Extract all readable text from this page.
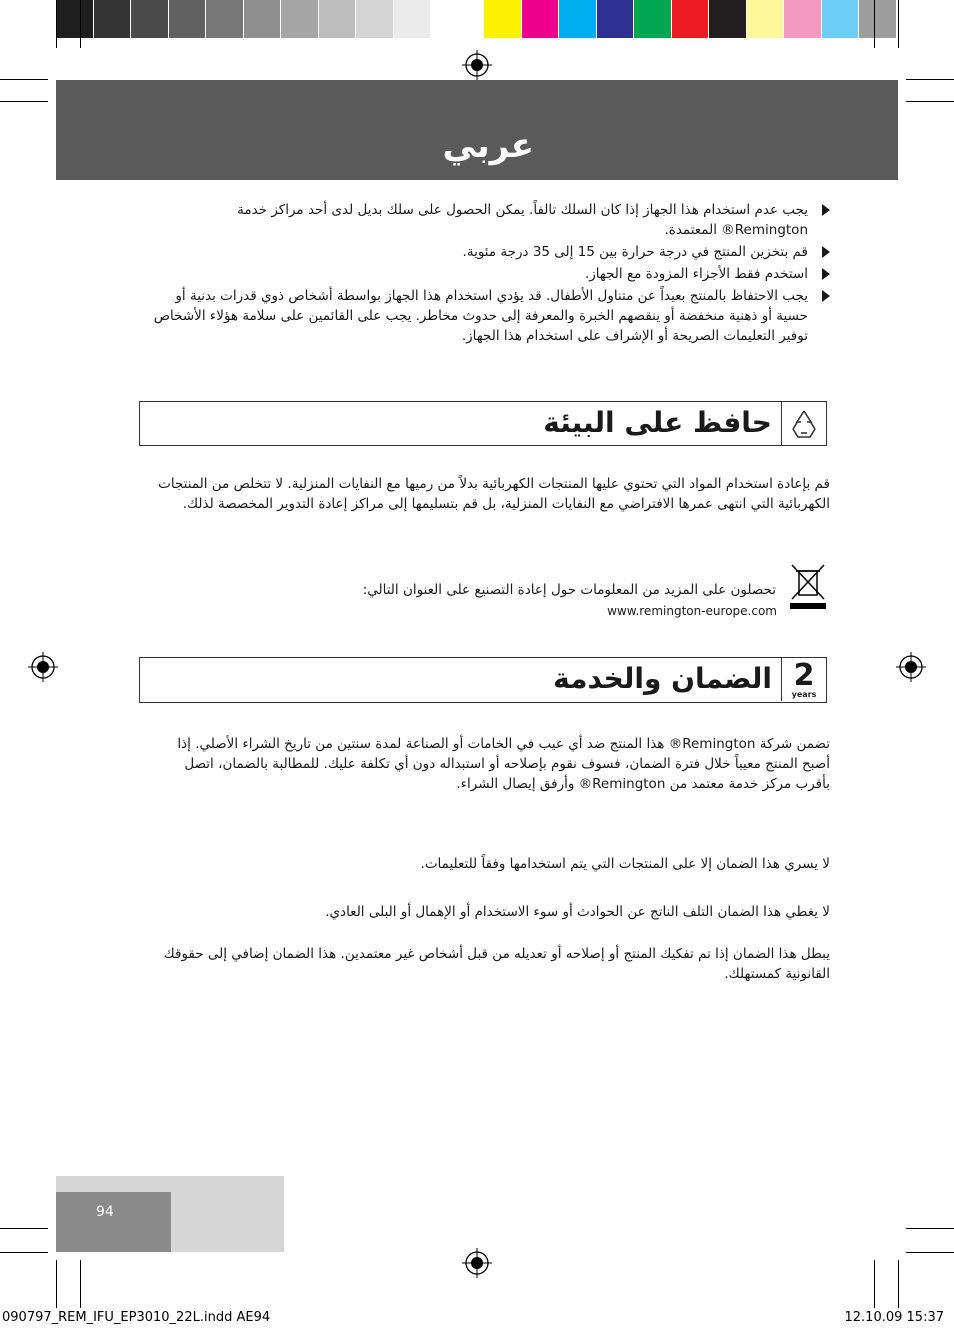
عربي
يجب عدم استخدام هذا الجهاز إذا كان السلك تالفاً. يمكن الحصول على سلك بديل لدى أحد مراكز خدمة Remington® المعتمدة.
قم بتخزين المنتج في درجة حرارة بين 15 إلى 35 درجة مئوية.
استخدم فقط الأجزاء المزودة مع الجهاز.
يجب الاحتفاظ بالمنتج بعيداً عن متناول الأطفال. قد يؤدي استخدام هذا الجهاز بواسطة أشخاص ذوي قدرات بدنية أو حسية أو ذهنية منخفضة أو ينقصهم الخبرة والمعرفة إلى حدوث مخاطر. يجب على القائمين على سلامة هؤلاء الأشخاص توفير التعليمات الصريحة أو الإشراف على استخدام هذا الجهاز.
حافظ على البيئة
قم بإعادة استخدام المواد التي تحتوي عليها المنتجات الكهربائية بدلاً من رميها مع النفايات المنزلية. لا تتخلص من المنتجات الكهربائية التي انتهى عمرها الافتراضي مع النفايات المنزلية، بل قم بتسليمها إلى مراكز إعادة التدوير المخصصة لذلك.
تحصلون على المزيد من المعلومات حول إعادة التصنيع على العنوان التالي:
www.remington-europe.com
الضمان والخدمة 2
years
تضمن شركة Remington® هذا المنتج ضد أي عيب في الخامات أو الصناعة لمدة سنتين من تاريخ الشراء الأصلي. إذا أصبح المنتج معيباً خلال فترة الضمان، فسوف نقوم بإصلاحه أو استبداله دون أي تكلفة عليك. للمطالبة بالضمان، اتصل بأقرب مركز خدمة معتمد من Remington® وأرفق إيصال الشراء.
لا يسري هذا الضمان إلا على المنتجات التي يتم استخدامها وفقاً للتعليمات.
لا يغطي هذا الضمان التلف الناتج عن الحوادث أو سوء الاستخدام أو الإهمال أو البلى العادي.
يبطل هذا الضمان إذا تم تفكيك المنتج أو إصلاحه أو تعديله من قبل أشخاص غير معتمدين. هذا الضمان إضافي إلى حقوقك القانونية كمستهلك.
94
090797_REM_IFU_EP3010_22L.indd AE94	12.10.09 15:37
